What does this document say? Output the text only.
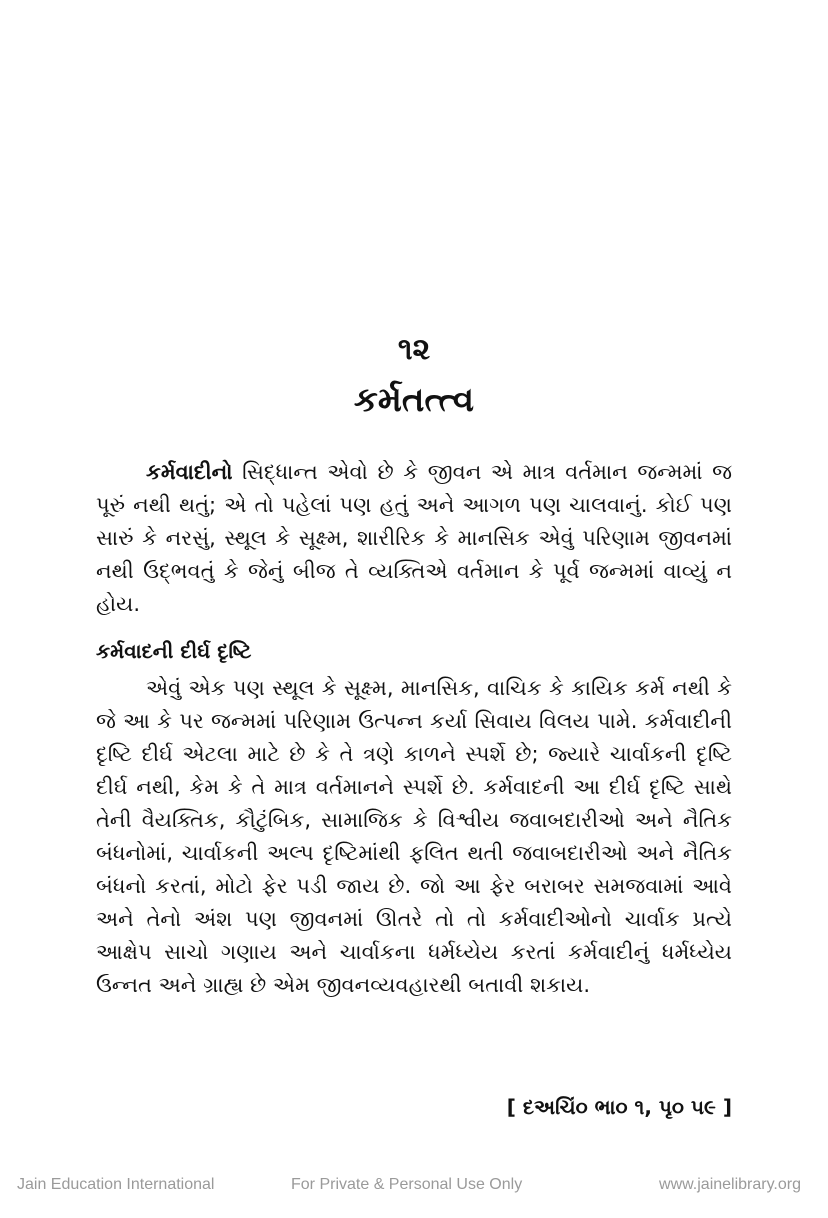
૧૨
કર્મતત્ત્વ
કર્મવાદીનો સિદ્ધાન્ત એવો છે કે જીવન એ માત્ર વર્તમાન જન્મમાં જ પૂરું નથી થતું; એ તો પહેલાં પણ હતું અને આગળ પણ ચાલવાનું. કોઈ પણ સારું કે નરસું, સ્થૂલ કે સૂક્ષ્મ, શારીરિક કે માનસિક એવું પરિણામ જીવનમાં નથી ઉદ્ભવતું કે જેનું બીજ તે વ્યક્તિએ વર્તમાન કે પૂર્વ જન્મમાં વાવ્યું ન હોય.
કર્મવાદની દીર્ઘ દૃષ્ટિ
એવું એક પણ સ્થૂલ કે સૂક્ષ્મ, માનસિક, વાચિક કે કાયિક કર્મ નથી કે જે આ કે પર જન્મમાં પરિણામ ઉત્પન્ન કર્યા સિવાય વિલય પામે. કર્મવાદીની દૃષ્ટિ દીર્ઘ એટલા માટે છે કે તે ત્રણે કાળને સ્પર્શે છે; જ્યારે ચાર્વાકની દૃષ્ટિ દીર્ઘ નથી, કેમ કે તે માત્ર વર્તમાનને સ્પર્શે છે. કર્મવાદની આ દીર્ઘ દૃષ્ટિ સાથે તેની વૈયક્તિક, કૌટુંબિક, સામાજિક કે વિશ્વીય જવાબદારીઓ અને નૈતિક બંધનોમાં, ચાર્વાકની અલ્પ દૃષ્ટિમાંથી ફલિત થતી જવાબદારીઓ અને નૈતિક બંધનો કરતાં, મોટો ફેર પડી જાય છે. જો આ ફેર બરાબર સમજવામાં આવે અને તેનો અંશ પણ જીવનમાં ઊતરે તો તો કર્મવાદીઓનો ચાર્વાક પ્રત્યે આક્ષેપ સાચો ગણાય અને ચાર્વાકના ધર્મધ્યેય કરતાં કર્મવાદીનું ધર્મધ્યેય ઉન્નત અને ગ્રાહ્ય છે એમ જીવનવ્યવહારથી બતાવી શકાય.
[ દઅચિં૦ ભા૦ ૧, પૃ૦ ૫૯ ]
Jain Education International	For Private & Personal Use Only	www.jainelibrary.org
